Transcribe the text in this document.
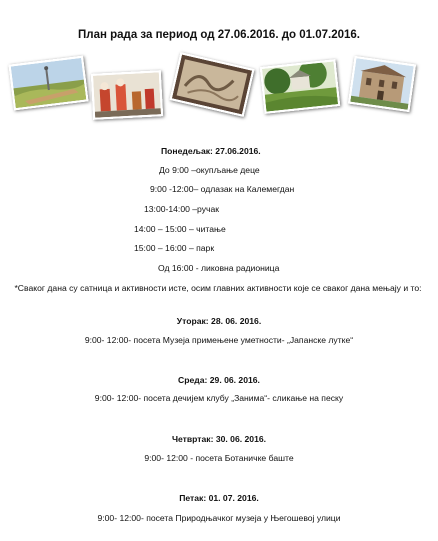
План рада за период од 27.06.2016. до 01.07.2016.
Понедељак: 27.06.2016.
До 9:00 –окупљање деце
9:00 -12:00– одлазак на Калемегдан
13:00-14:00 –ручак
14:00 – 15:00 – читање
15:00 – 16:00 – парк
Од 16:00 - ликовна радионица
*Сваког дана су сатница и активности исте, осим главних активности које се сваког дана мењају и то:
Уторак: 28. 06. 2016.
9:00- 12:00- посета Музеја примењене уметности- „Јапанске лутке“
Среда: 29. 06. 2016.
9:00- 12:00- посета дечијем клубу „Занима“- сликање на песку
Четвртак: 30. 06. 2016.
9:00- 12:00 - посета Ботаничке баште
Петак: 01. 07. 2016.
9:00- 12:00- посета Природњачког музеја у Његошевој улици
